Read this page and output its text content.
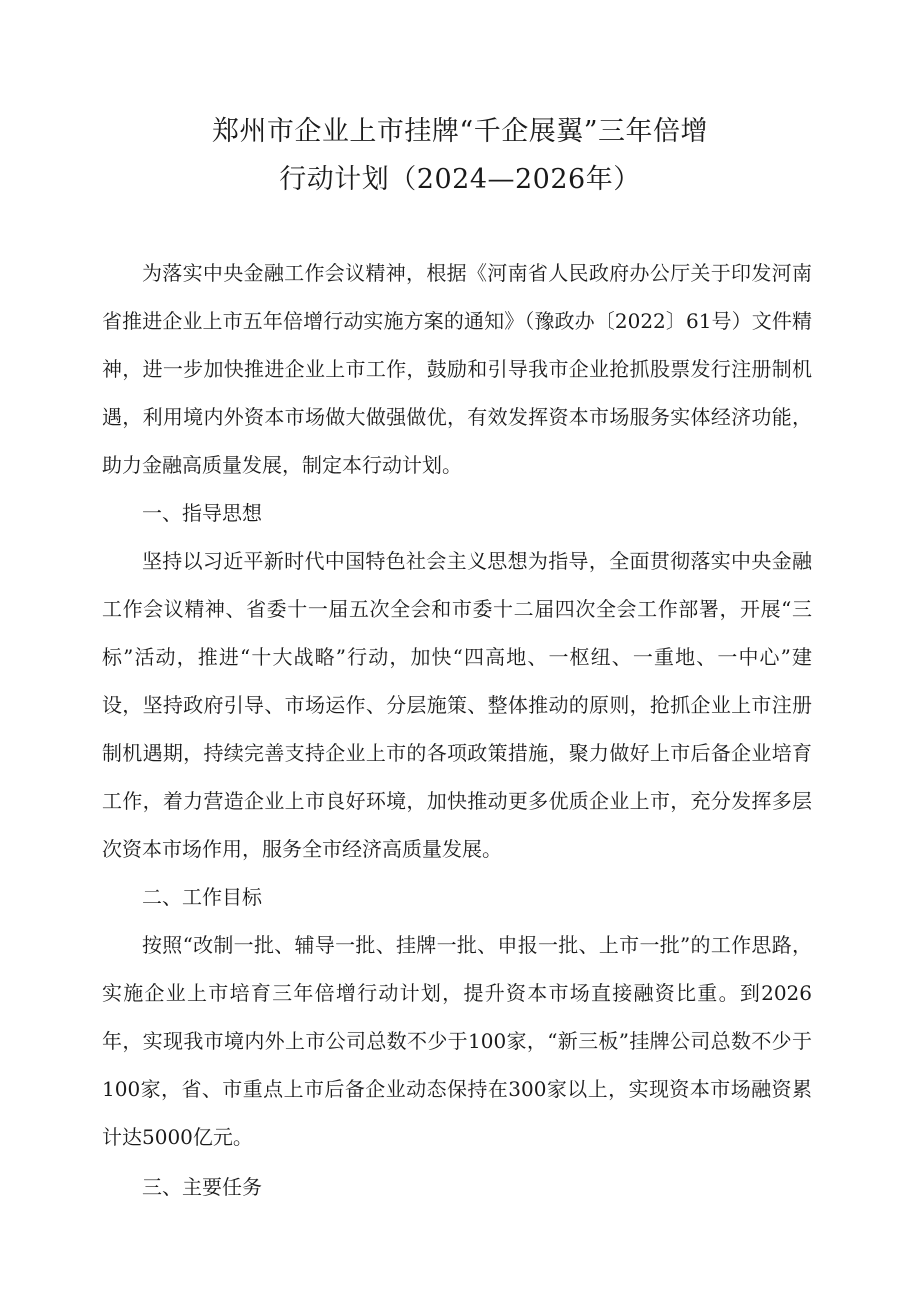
郑州市企业上市挂牌“千企展翼”三年倍增
行动计划（2024—2026年）

为落实中央金融工作会议精神，根据《河南省人民政府办公厅关于印发河南省推进企业上市五年倍增行动实施方案的通知》（豫政办〔2022〕61号）文件精神，进一步加快推进企业上市工作，鼓励和引导我市企业抢抓股票发行注册制机遇，利用境内外资本市场做大做强做优，有效发挥资本市场服务实体经济功能，助力金融高质量发展，制定本行动计划。

一、指导思想

坚持以习近平新时代中国特色社会主义思想为指导，全面贯彻落实中央金融工作会议精神、省委十一届五次全会和市委十二届四次全会工作部署，开展“三标”活动，推进“十大战略”行动，加快“四高地、一枢纽、一重地、一中心”建设，坚持政府引导、市场运作、分层施策、整体推动的原则，抢抓企业上市注册制机遇期，持续完善支持企业上市的各项政策措施，聚力做好上市后备企业培育工作，着力营造企业上市良好环境，加快推动更多优质企业上市，充分发挥多层次资本市场作用，服务全市经济高质量发展。

二、工作目标

按照“改制一批、辅导一批、挂牌一批、申报一批、上市一批”的工作思路，实施企业上市培育三年倍增行动计划，提升资本市场直接融资比重。到2026年，实现我市境内外上市公司总数不少于100家，“新三板”挂牌公司总数不少于100家，省、市重点上市后备企业动态保持在300家以上，实现资本市场融资累计达5000亿元。

三、主要任务
